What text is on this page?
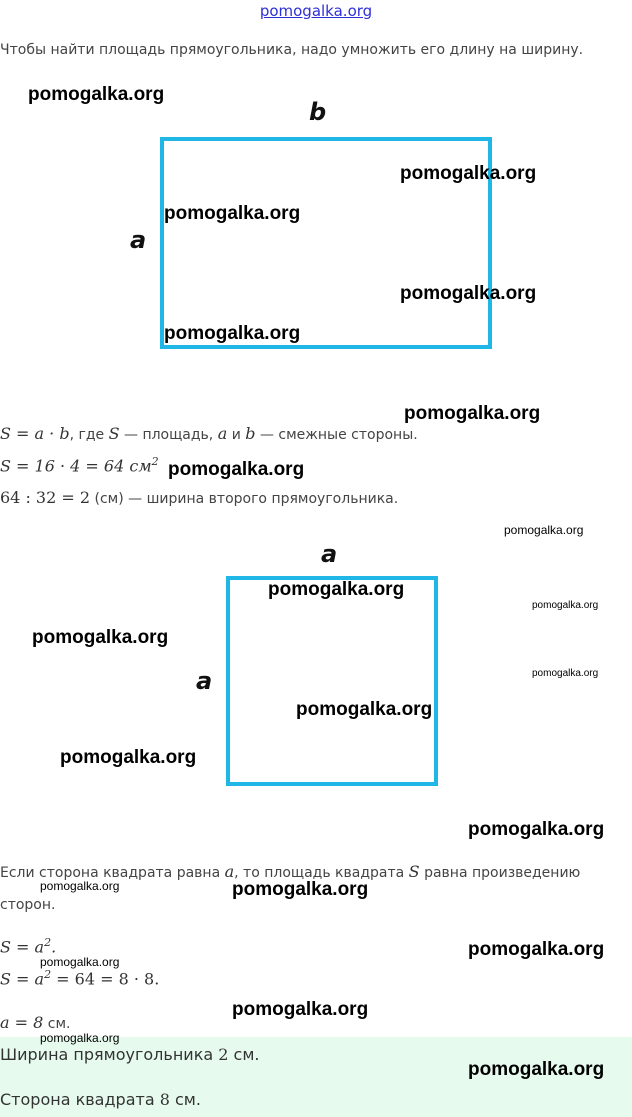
pomogalka.org
Чтобы найти площадь прямоугольника, надо умножить его длину на ширину.
b
a
S = a · b, где S — площадь, a и b — смежные стороны.
S = 16 · 4 = 64 $см^2$
64 : 32 = 2 (см) — ширина второго прямоугольника.
a
a
Если сторона квадрата равна a, то площадь квадрата S равна произведению
сторон.
$S = a^2$.
$S = a^2 = 64 = 8 \cdot 8$.
a = 8 см.
Ширина прямоугольника 2 см.
Сторона квадрата 8 см.
pomogalka.org
pomogalka.org
pomogalka.org
pomogalka.org
pomogalka.org
pomogalka.org
pomogalka.org
pomogalka.org
pomogalka.org
pomogalka.org
pomogalka.org
pomogalka.org
pomogalka.org
pomogalka.org
pomogalka.org
pomogalka.org	pomogalka.org
pomogalka.org
pomogalka.org
pomogalka.org
pomogalka.org
pomogalka.org
